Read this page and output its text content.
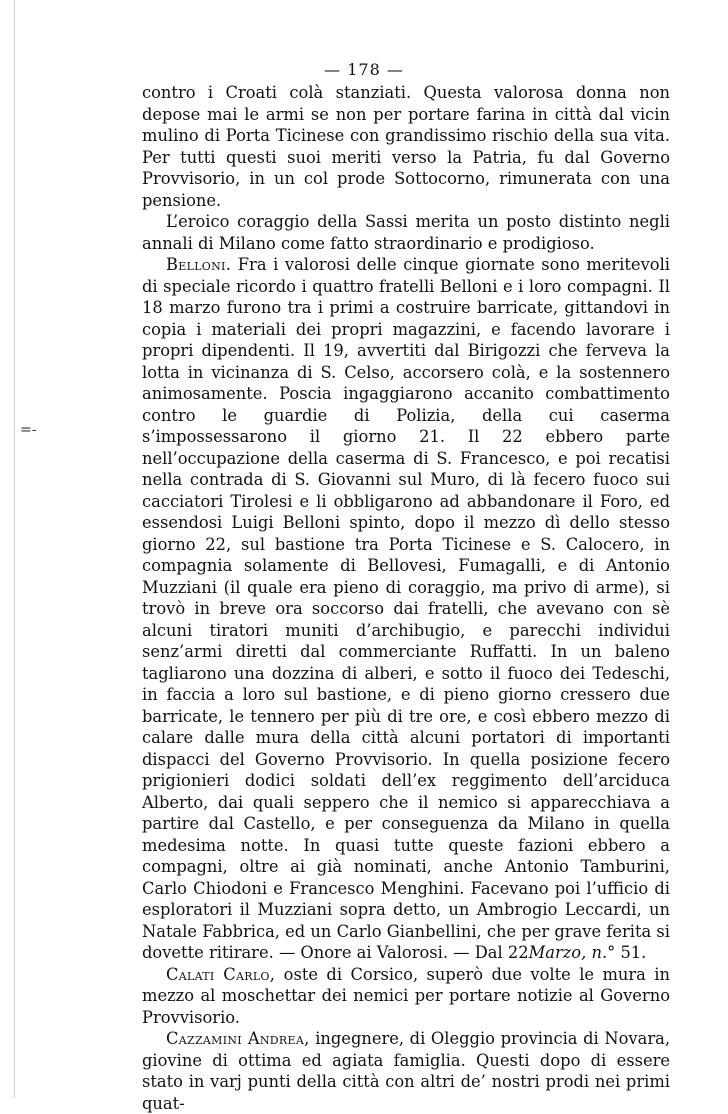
=-
— 178 —

contro i Croati colà stanziati. Questa valorosa donna non depose mai le armi se non per portare farina in città dal vicin mulino di Porta Ticinese con grandissimo rischio della sua vita. Per tutti questi suoi meriti verso la Patria, fu dal Governo Provvisorio, in un col prode Sottocorno, rimunerata con una pensione.

L’eroico coraggio della Sassi merita un posto distinto negli annali di Milano come fatto straordinario e prodigioso.

Belloni. Fra i valorosi delle cinque giornate sono meritevoli di speciale ricordo i quattro fratelli Belloni e i loro compagni. Il 18 marzo furono tra i primi a costruire barricate, gittandovi in copia i materiali dei propri magazzini, e facendo lavorare i propri dipendenti. Il 19, avvertiti dal Birigozzi che ferveva la lotta in vicinanza di S. Celso, accorsero colà, e la sostennero animosamente. Poscia ingaggiarono accanito combattimento contro le guardie di Polizia, della cui caserma s’impossessarono il giorno 21. Il 22 ebbero parte nell’occupazione della caserma di S. Francesco, e poi recatisi nella contrada di S. Giovanni sul Muro, di là fecero fuoco sui cacciatori Tirolesi e li obbligarono ad abbandonare il Foro, ed essendosi Luigi Belloni spinto, dopo il mezzo dì dello stesso giorno 22, sul bastione tra Porta Ticinese e S. Calocero, in compagnia solamente di Bellovesi, Fumagalli, e di Antonio Muzziani (il quale era pieno di coraggio, ma privo di arme), si trovò in breve ora soccorso dai fratelli, che avevano con sè alcuni tiratori muniti d’archibugio, e parecchi individui senz’armi diretti dal commerciante Ruffatti. In un baleno tagliarono una dozzina di alberi, e sotto il fuoco dei Tedeschi, in faccia a loro sul bastione, e di pieno giorno cressero due barricate, le tennero per più di tre ore, e così ebbero mezzo di calare dalle mura della città alcuni portatori di importanti dispacci del Governo Provvisorio. In quella posizione fecero prigionieri dodici soldati dell’ex reggimento dell’arciduca Alberto, dai quali seppero che il nemico si apparecchiava a partire dal Castello, e per conseguenza da Milano in quella medesima notte. In quasi tutte queste fazioni ebbero a compagni, oltre ai già nominati, anche Antonio Tamburini, Carlo Chiodoni e Francesco Menghini. Facevano poi l’ufficio di esploratori il Muzziani sopra detto, un Ambrogio Leccardi, un Natale Fabbrica, ed un Carlo Gianbellini, che per grave ferita si dovette ritirare. — Onore ai Valorosi. — Dal 22Marzo, n.° 51.

Calati Carlo, oste di Corsico, superò due volte le mura in mezzo al moschettar dei nemici per portare notizie al Governo Provvisorio.

Cazzamini Andrea, ingegnere, di Oleggio provincia di Novara, giovine di ottima ed agiata famiglia. Questi dopo di essere stato in varj punti della città con altri de’ nostri prodi nei primi quat-
